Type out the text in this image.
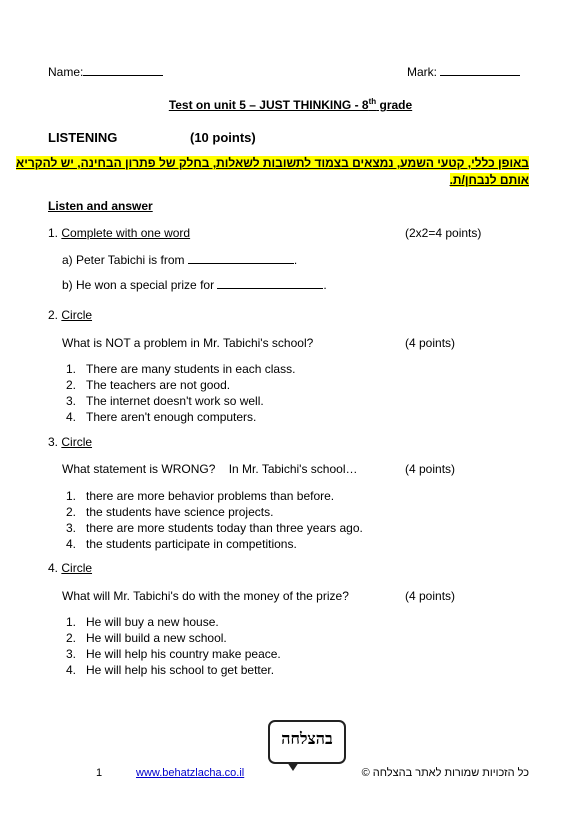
Name:	Mark:
Test on unit 5 – JUST THINKING - 8th grade
LISTENING	(10 points)
באופן כללי, קטעי השמע, נמצאים בצמוד לתשובות לשאלות, בחלק של פתרון הבחינה, יש להקריא
אותם לנבחן/ת.
Listen and answer
1. Complete with one word	(2x2=4 points)
a) Peter Tabichi is from	.
b) He won a special prize for	.
2. Circle
What is NOT a problem in Mr. Tabichi's school?	(4 points)
1. There are many students in each class.
2. The teachers are not good.
3. The internet doesn't work so well.
4. There aren't enough computers.
3. Circle
What statement is WRONG?    In Mr. Tabichi's school…	(4 points)
1. there are more behavior problems than before.
2. the students have science projects.
3. there are more students today than three years ago.
4. the students participate in competitions.
4. Circle
What will Mr. Tabichi's do with the money of the prize?	(4 points)
1. He will buy a new house.
2. He will build a new school.
3. He will help his country make peace.
4. He will help his school to get better.
בהצלחה
1	www.behatzlacha.co.il	כל הזכויות שמורות לאתר בהצלחה ©
